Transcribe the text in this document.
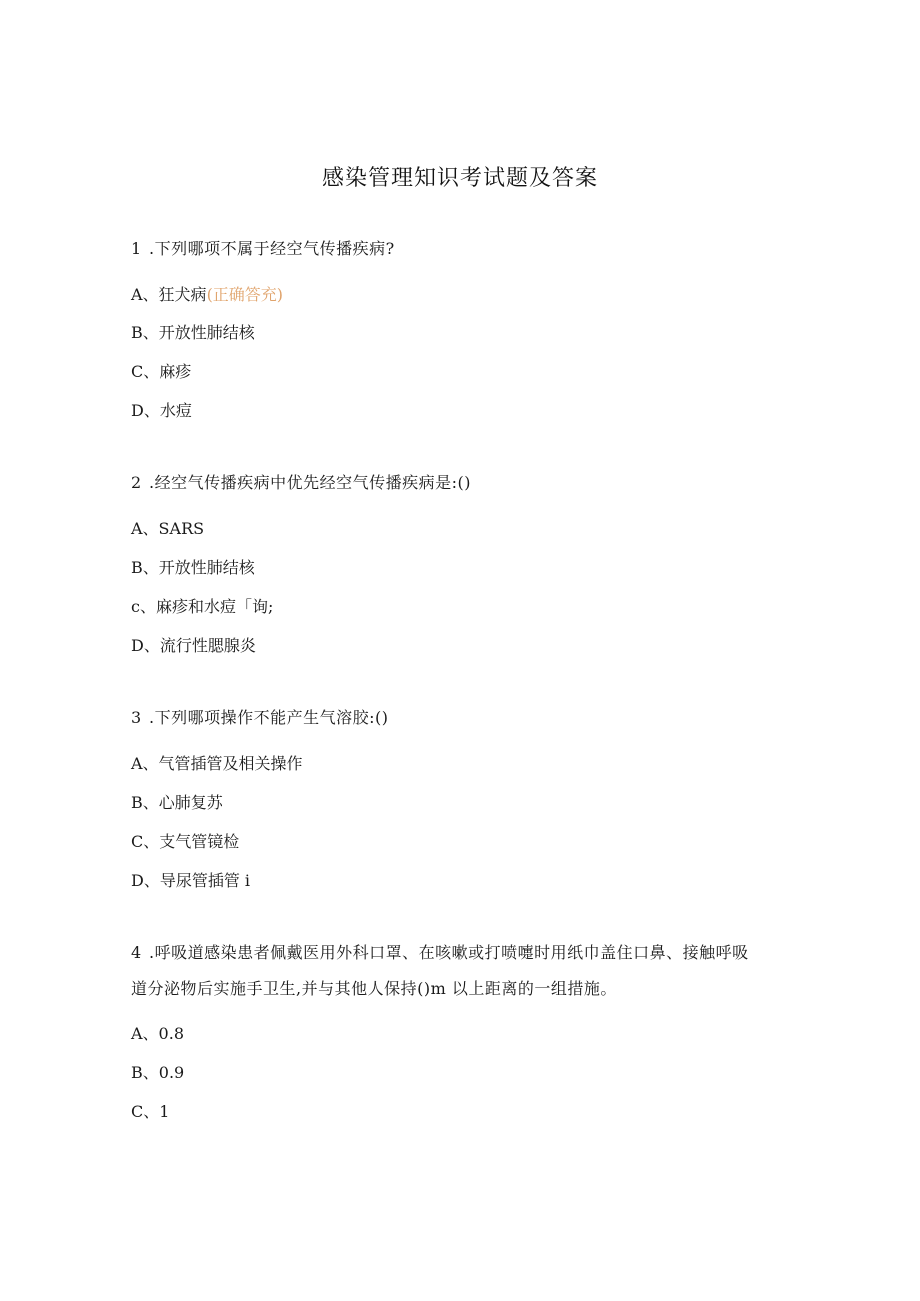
感染管理知识考试题及答案
1 .下列哪项不属于经空气传播疾病?
A、狂犬病(正确答充)
B、开放性肺结核
C、麻疹
D、水痘
2 .经空气传播疾病中优先经空气传播疾病是:()
A、SARS
B、开放性肺结核
c、麻疹和水痘「询;
D、流行性腮腺炎
3 .下列哪项操作不能产生气溶胶:()
A、气管插管及相关操作
B、心肺复苏
C、支气管镜检
D、导尿管插管 i
4 .呼吸道感染患者佩戴医用外科口罩、在咳嗽或打喷嚏时用纸巾盖住口鼻、接触呼吸
道分泌物后实施手卫生,并与其他人保持()m 以上距离的一组措施。
A、0.8
B、0.9
C、1
